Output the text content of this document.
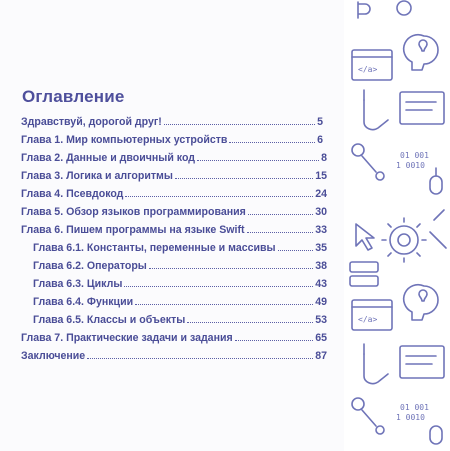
Оглавление
Здравствуй, дорогой друг!	5
Глава 1. Мир компьютерных устройств	6
Глава 2. Данные и двоичный код	8
Глава 3. Логика и алгоритмы	15
Глава 4. Псевдокод	24
Глава 5. Обзор языков программирования	30
Глава 6. Пишем программы на языке Swift	33
Глава 6.1. Константы, переменные и массивы	35
Глава 6.2. Операторы	38
Глава 6.3. Циклы	43
Глава 6.4. Функции	49
Глава 6.5. Классы и объекты	53
Глава 7. Практические задачи и задания	65
Заключение	87
</a>
01 001
1 0010
</a>
01 001
1 0010
